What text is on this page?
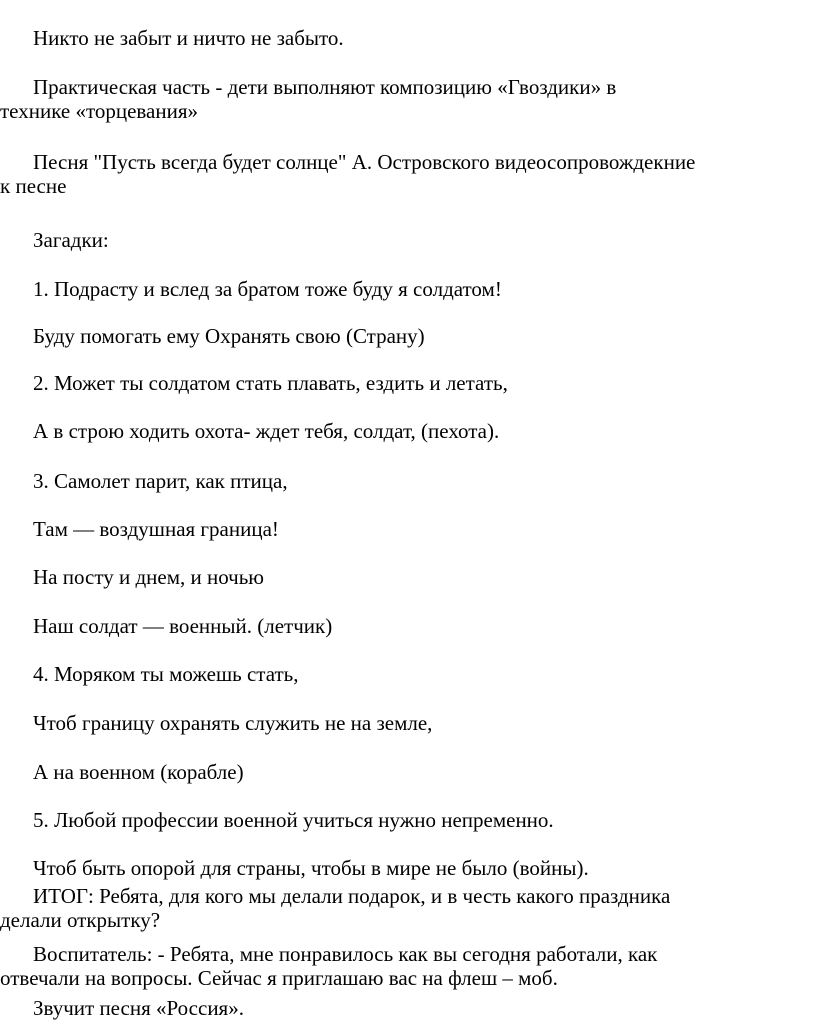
Никто не забыт и ничто не забыто.
Практическая часть - дети выполняют композицию «Гвоздики» в
технике «торцевания»
Песня "Пусть всегда будет солнце" А. Островского видеосопровождекние
к песне
Загадки:
1. Подрасту и вслед за братом тоже буду я солдатом!
Буду помогать ему Охранять свою (Страну)
2. Может ты солдатом стать плавать, ездить и летать,
А в строю ходить охота- ждет тебя, солдат, (пехота).
3. Самолет парит, как птица,
Там — воздушная граница!
На посту и днем, и ночью
Наш солдат — военный. (летчик)
4. Моряком ты можешь стать,
Чтоб границу охранять служить не на земле,
А на военном (корабле)
5. Любой профессии военной учиться нужно непременно.
Чтоб быть опорой для страны, чтобы в мире не было (войны).
ИТОГ: Ребята, для кого мы делали подарок, и в честь какого праздника
делали открытку?
Воспитатель: - Ребята, мне понравилось как вы сегодня работали, как
отвечали на вопросы. Сейчас я приглашаю вас на флеш – моб.
Звучит песня «Россия».
